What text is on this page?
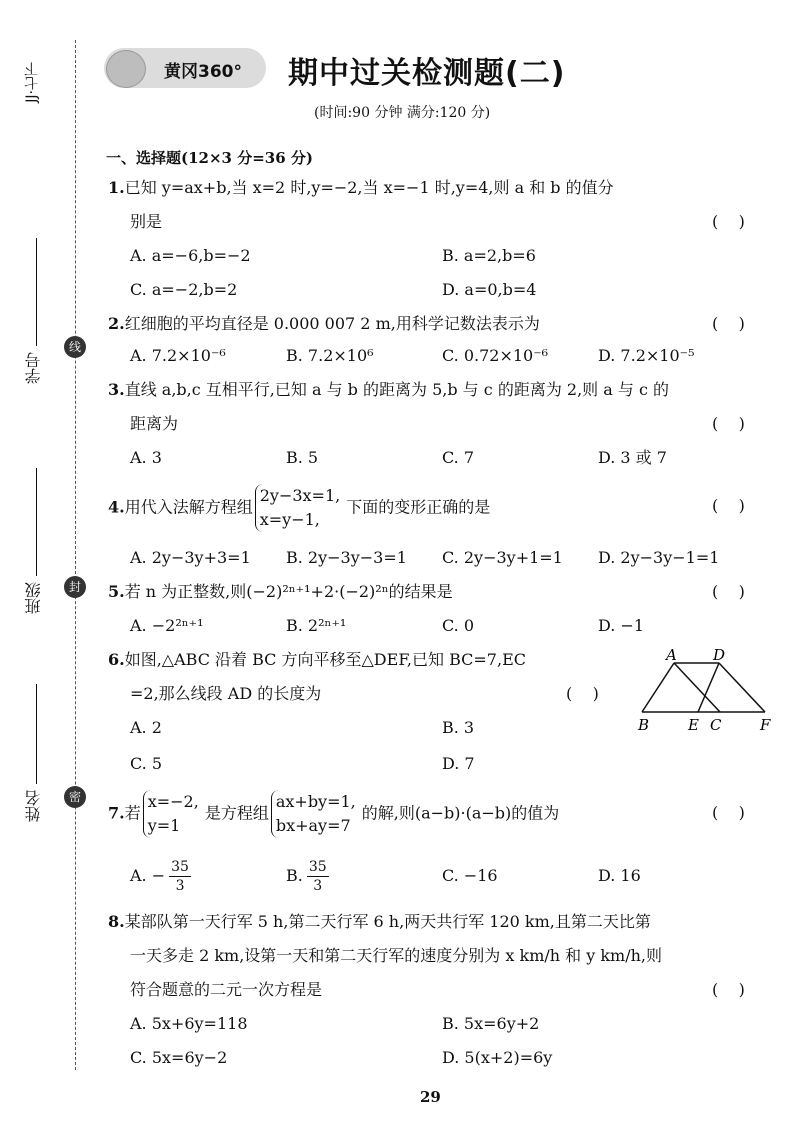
JJ·七下
学号
班级
姓名
线
封
密
黄冈360° 期中过关检测题(二)
(时间:90 分钟 满分:120 分)
一、选择题(12×3 分=36 分)
1.已知 y=ax+b,当 x=2 时,y=−2,当 x=−1 时,y=4,则 a 和 b 的值分
别是	(    )
A. a=−6,b=−2	B. a=2,b=6
C. a=−2,b=2	D. a=0,b=4
2.红细胞的平均直径是 0.000 007 2 m,用科学记数法表示为	(    )
A. 7.2×10⁻⁶	B. 7.2×10⁶	C. 0.72×10⁻⁶	D. 7.2×10⁻⁵
3.直线 a,b,c 互相平行,已知 a 与 b 的距离为 5,b 与 c 的距离为 2,则 a 与 c 的
距离为	(    )
A. 3	B. 5	C. 7	D. 3 或 7
4.用代入法解方程组
2y−3x=1,
x=y−1,
下面的变形正确的是	(    )
A. 2y−3y+3=1 B. 2y−3y−3=1 C. 2y−3y+1=1 D. 2y−3y−1=1
5.若 n 为正整数,则(−2)²ⁿ⁺¹+2·(−2)²ⁿ的结果是	(    )
A. −2²ⁿ⁺¹	B. 2²ⁿ⁺¹	C. 0	D. −1
6.如图,△ABC 沿着 BC 方向平移至△DEF,已知 BC=7,EC
=2,那么线段 AD 的长度为	(    )
A. 2	B. 3
C. 5	D. 7
A D
B	E C	F
7.若
x=−2,
y=1
是方程组
ax+by=1,
bx+ay=7
的解,则(a−b)·(a−b)的值为	(    )
A. − $\frac{35}{3}$	B. $\frac{35}{3}$	C. −16	D. 16
8.某部队第一天行军 5 h,第二天行军 6 h,两天共行军 120 km,且第二天比第
一天多走 2 km,设第一天和第二天行军的速度分别为 x km/h 和 y km/h,则
符合题意的二元一次方程是	(    )
A. 5x+6y=118	B. 5x=6y+2
C. 5x=6y−2	D. 5(x+2)=6y
29
